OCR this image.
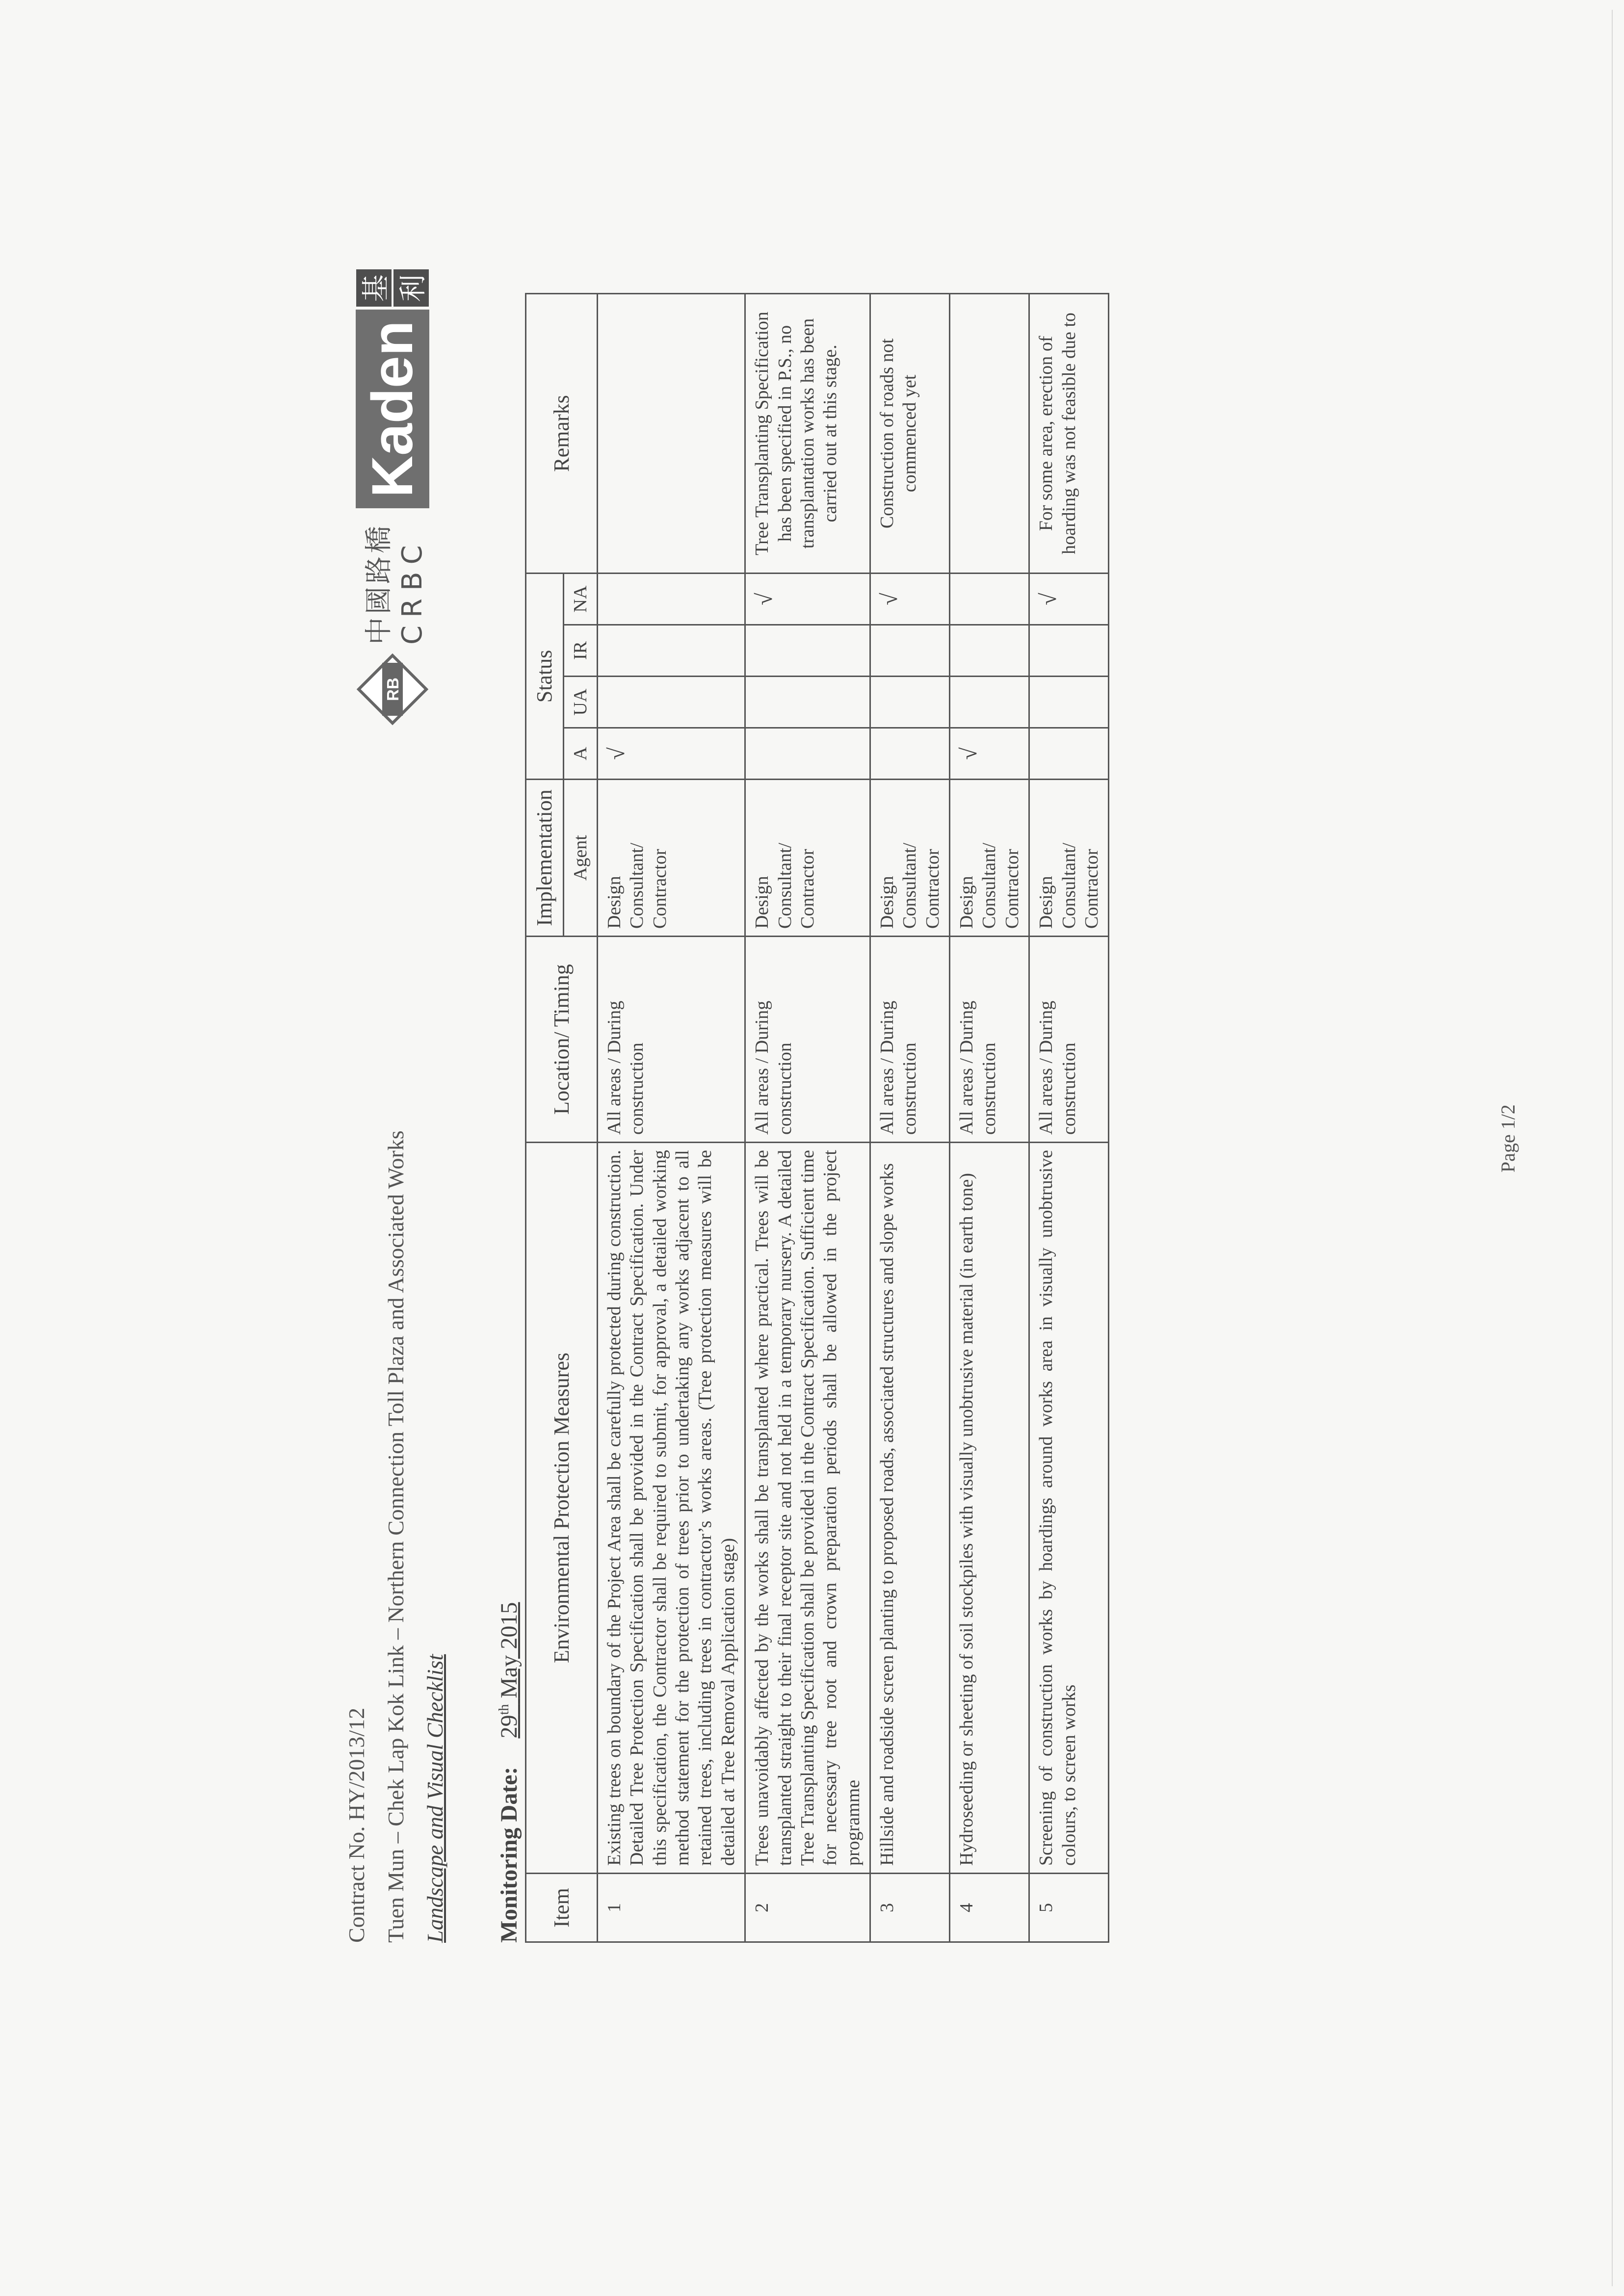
Contract No. HY/2013/12 Tuen Mun – Chek Lap Kok Link – Northern Connection Toll Plaza and Associated Works Landscape and Visual Checklist Monitoring Date: 29th May 2015
RB
中國路橋 CRBC
Kaden
基 利
Item	Environmental Protection Measures	Location/ Timing	Implementation	Status				Remarks
			Agent	A	UA	IR	NA	
1	Existing trees on boundary of the Project Area shall be carefully protected during construction. Detailed Tree Protection Specification shall be provided in the Contract Specification. Under this specification, the Contractor shall be required to submit, for approval, a detailed working method statement for the protection of trees prior to undertaking any works adjacent to all retained trees, including trees in contractor’s works areas. (Tree protection measures will be detailed at Tree Removal Application stage)	All areas / During construction	Design Consultant/ Contractor	√				
2	Trees unavoidably affected by the works shall be transplanted where practical. Trees will be transplanted straight to their final receptor site and not held in a temporary nursery. A detailed Tree Transplanting Specification shall be provided in the Contract Specification. Sufficient time for necessary tree root and crown preparation periods shall be allowed in the project programme	All areas / During construction	Design Consultant/ Contractor				√	Tree Transplanting Specification has been specified in P.S., no transplantation works has been carried out at this stage.
3	Hillside and roadside screen planting to proposed roads, associated structures and slope works	All areas / During construction	Design Consultant/ Contractor				√	Construction of roads not commenced yet
4	Hydroseeding or sheeting of soil stockpiles with visually unobtrusive material (in earth tone)	All areas / During construction	Design Consultant/ Contractor	√				
5	Screening of construction works by hoardings around works area in visually unobtrusive colours, to screen works	All areas / During construction	Design Consultant/ Contractor				√	For some area, erection of hoarding was not feasible due to
Page 1/2
